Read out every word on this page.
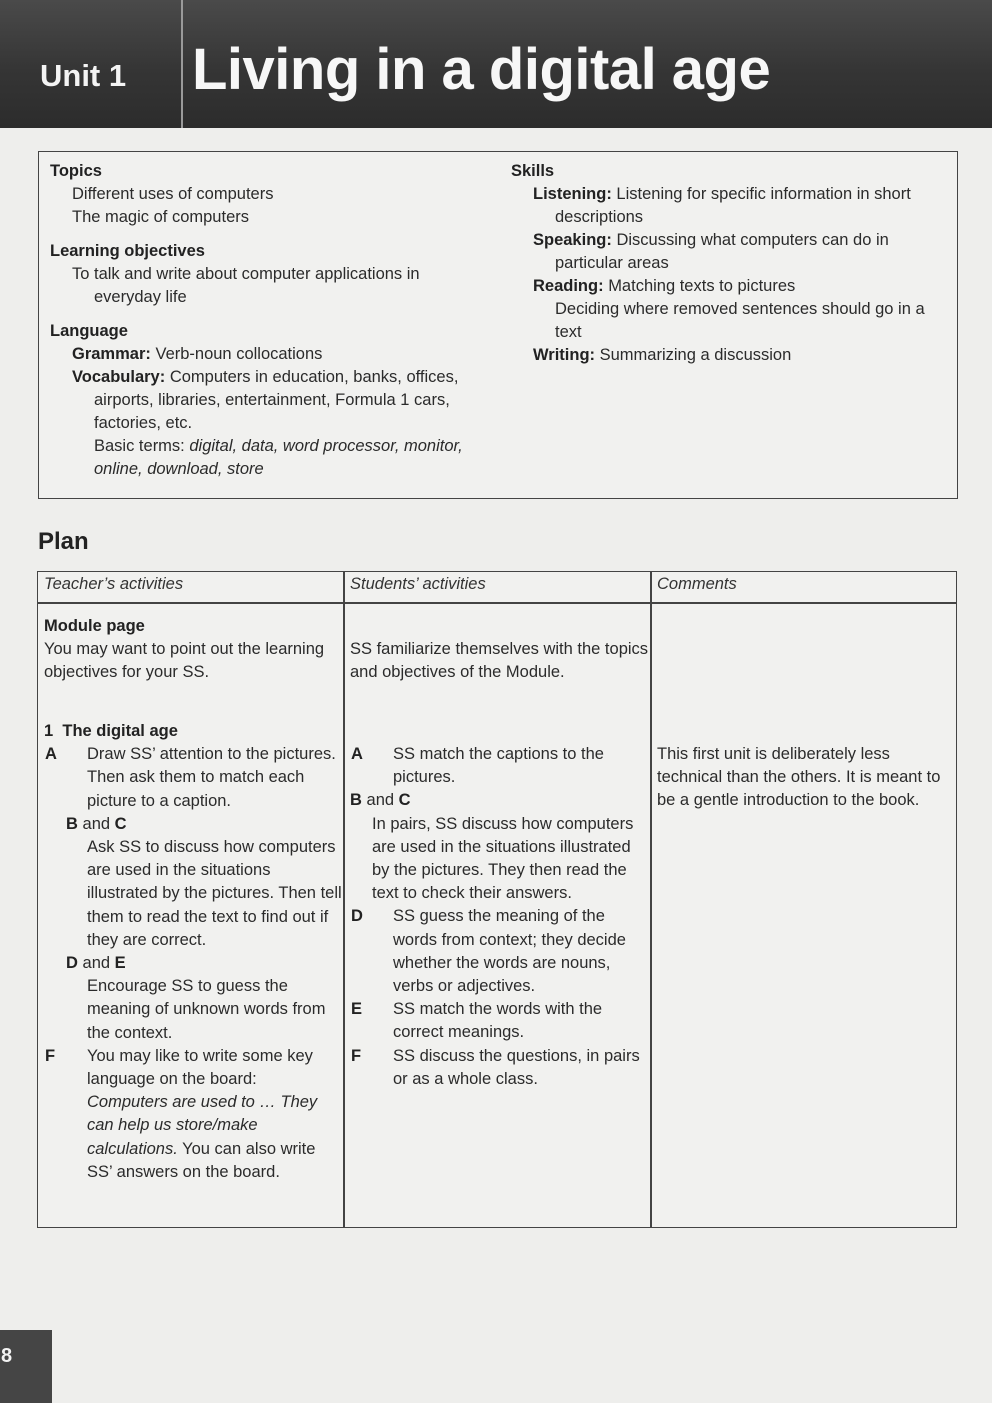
Unit 1 Living in a digital age
Topics
Different uses of computers
The magic of computers
Learning objectives
To talk and write about computer applications in everyday life
Language
Grammar: Verb-noun collocations
Vocabulary: Computers in education, banks, offices, airports, libraries, entertainment, Formula 1 cars, factories, etc.
Basic terms: digital, data, word processor, monitor, online, download, store
Skills
Listening: Listening for specific information in short descriptions
Speaking: Discussing what computers can do in particular areas
Reading: Matching texts to pictures
Deciding where removed sentences should go in a text
Writing: Summarizing a discussion
Plan
Teacher’s activities	Students’ activities	Comments
Module page
You may want to point out the learning objectives for your SS.
SS familiarize themselves with the topics and objectives of the Module.
1 The digital age
A Draw SS’ attention to the pictures. Then ask them to match each picture to a caption.
B and C
Ask SS to discuss how computers are used in the situations illustrated by the pictures. Then tell them to read the text to find out if they are correct.
D and E
Encourage SS to guess the meaning of unknown words from the context.
F You may like to write some key language on the board:
Computers are used to … They can help us store/make calculations. You can also write SS’ answers on the board.
A SS match the captions to the pictures.
B and C
In pairs, SS discuss how computers are used in the situations illustrated by the pictures. They then read the text to check their answers.
D SS guess the meaning of the words from context; they decide whether the words are nouns, verbs or adjectives.
E SS match the words with the correct meanings.
F SS discuss the questions, in pairs or as a whole class.
This first unit is deliberately less technical than the others. It is meant to be a gentle introduction to the book.
8
